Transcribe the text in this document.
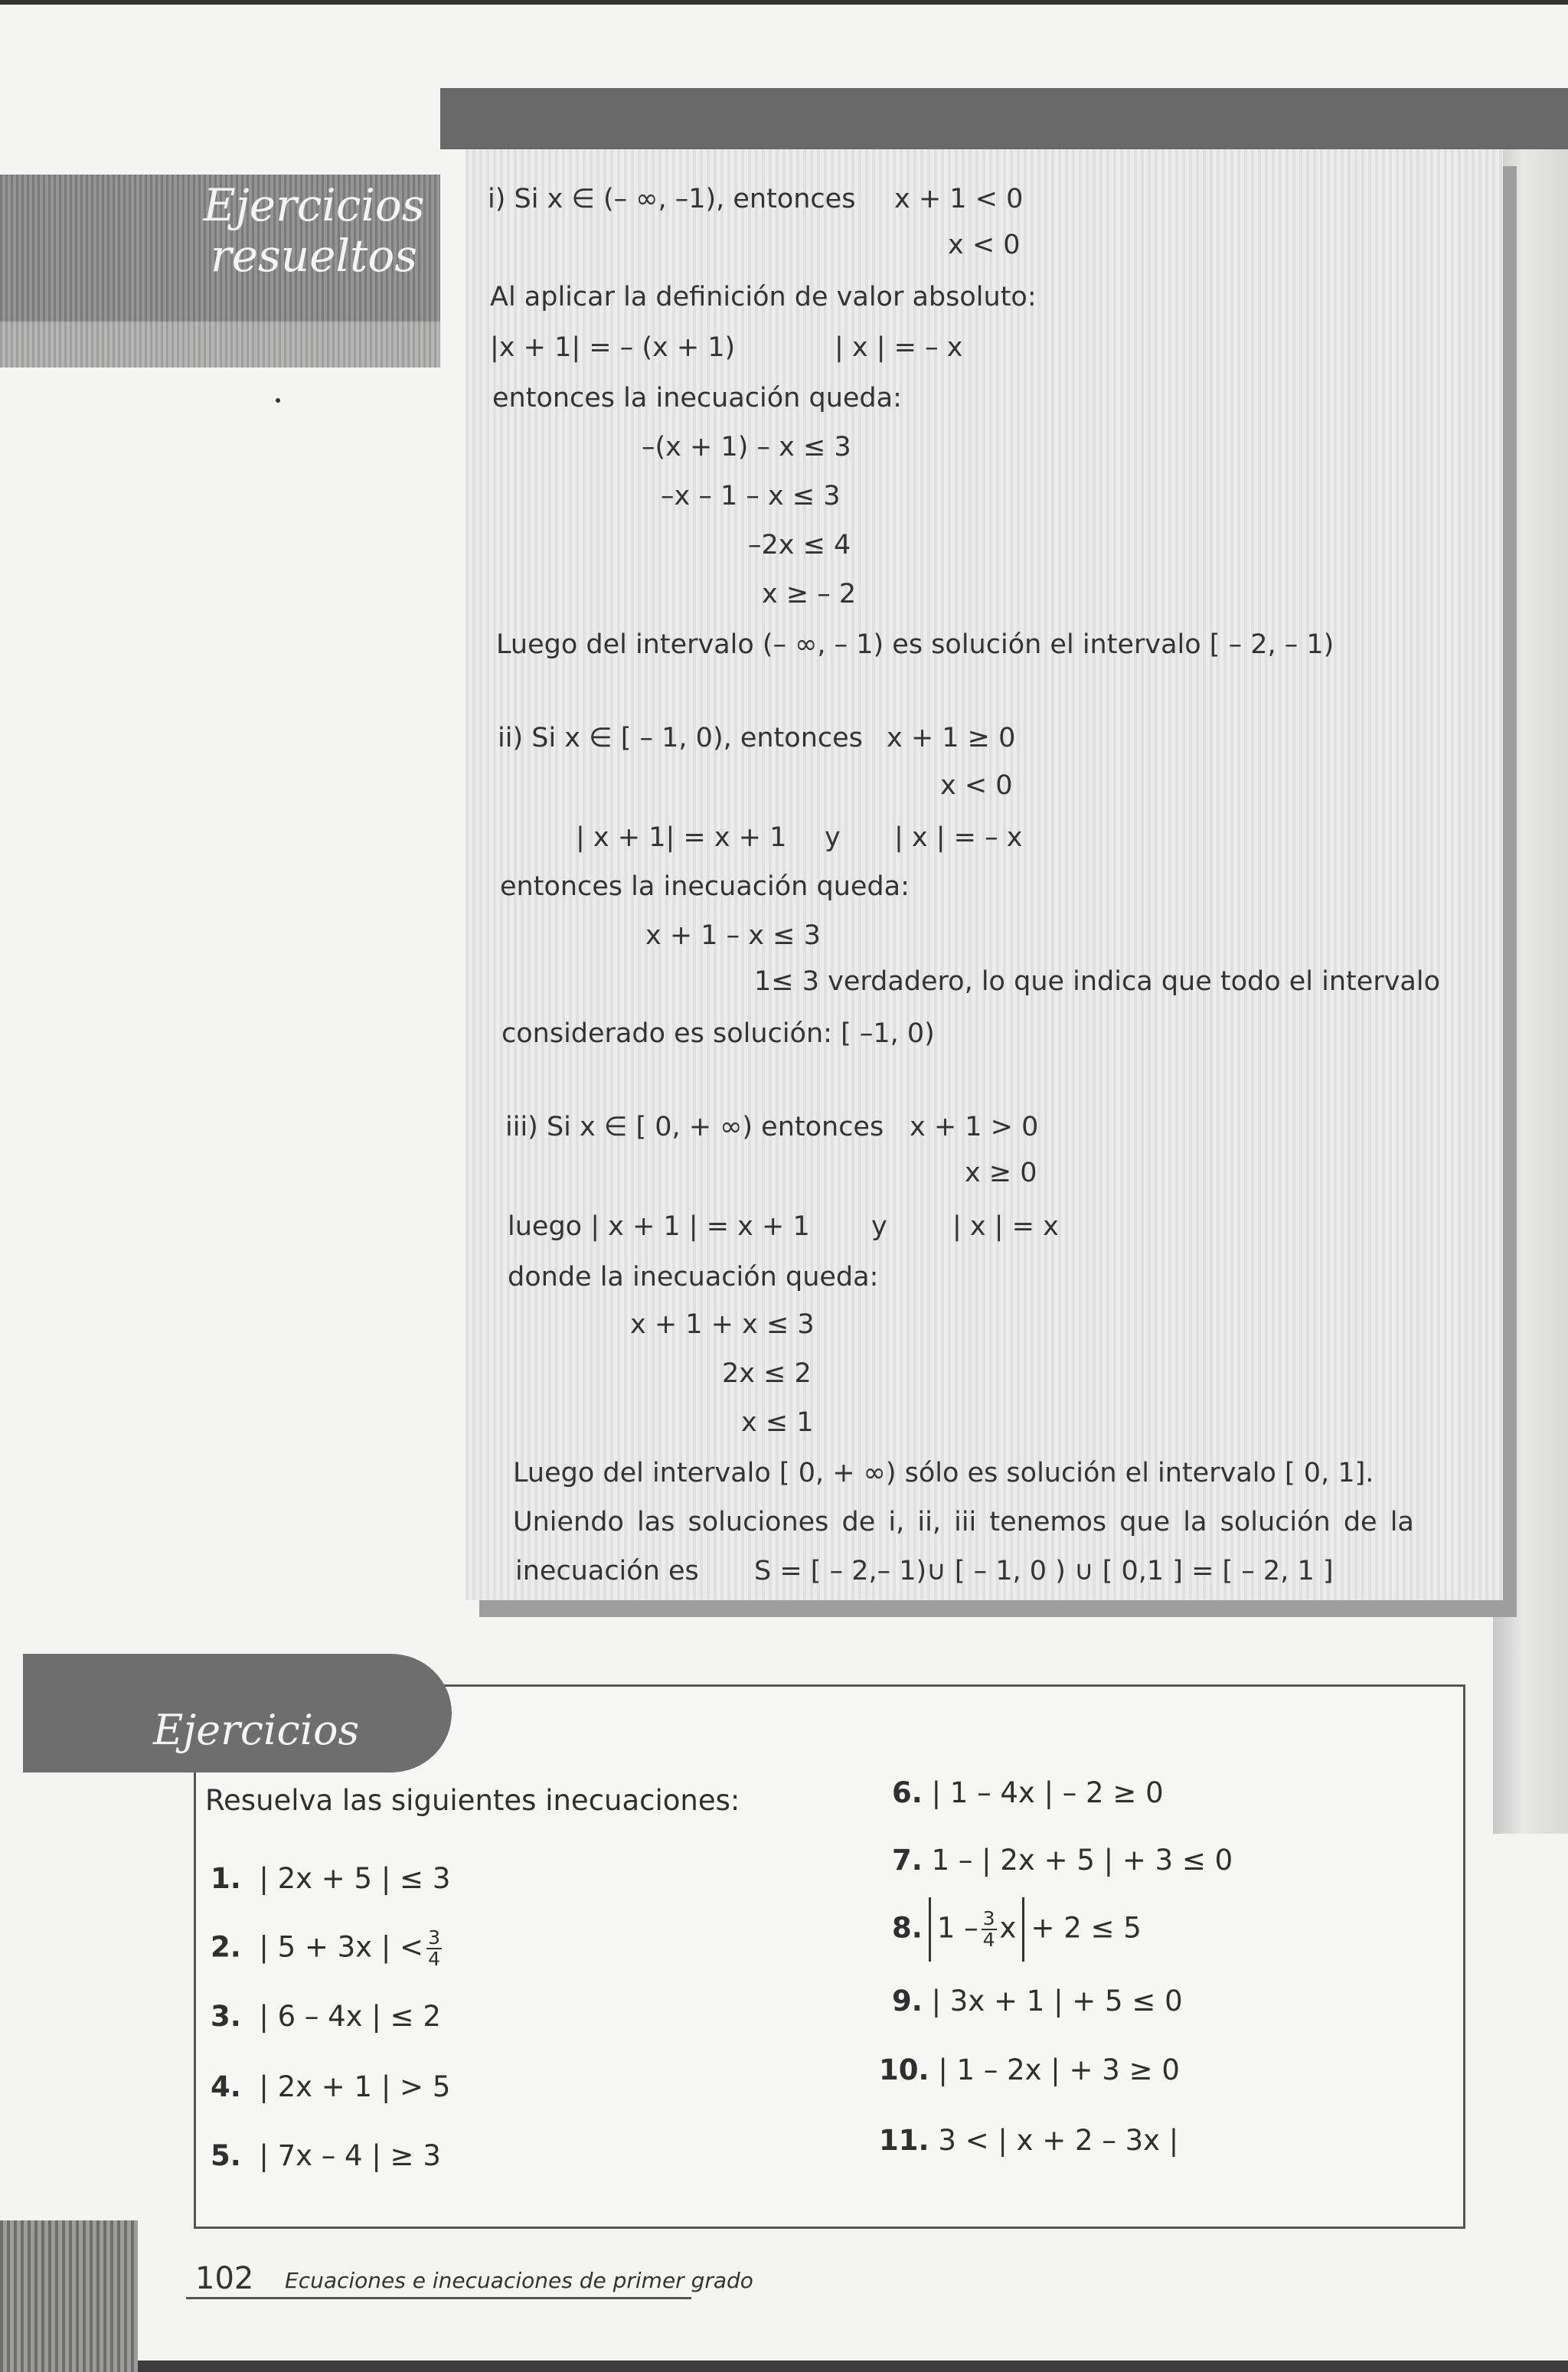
Ejercicios
resueltos
i) Si x ∈ (– ∞, –1), entonces x + 1 < 0
x < 0
Al aplicar la definición de valor absoluto:
|x + 1| = – (x + 1)	| x | = – x
entonces la inecuación queda:
–(x + 1) – x ≤ 3
–x – 1 – x ≤ 3
–2x ≤ 4
x ≥ – 2
Luego del intervalo (– ∞, – 1) es solución el intervalo [ – 2, – 1)
ii) Si x ∈ [ – 1, 0), entonces x + 1 ≥ 0
x < 0
| x + 1| = x + 1 y | x | = – x
entonces la inecuación queda:
x + 1 – x ≤ 3
1≤ 3 verdadero, lo que indica que todo el intervalo
considerado es solución: [ –1, 0)
iii) Si x ∈ [ 0, + ∞) entonces x + 1 > 0
x ≥ 0
luego | x + 1 | = x + 1 y | x | = x
donde la inecuación queda:
x + 1 + x ≤ 3
2x ≤ 2
x ≤ 1
Luego del intervalo [ 0, + ∞) sólo es solución el intervalo [ 0, 1].
Uniendo las soluciones de i, ii, iii tenemos que la solución de la
inecuación es S = [ – 2,– 1)∪ [ – 1, 0 ) ∪ [ 0,1 ] = [ – 2, 1 ]
Ejercicios
Resuelva las siguientes inecuaciones:
1. | 2x + 5 | ≤ 3
2. | 5 + 3x | < $\frac{3}{4}$
3. | 6 – 4x | ≤ 2
4. | 2x + 1 | > 5
5. | 7x – 4 | ≥ 3
6. | 1 – 4x | – 2 ≥ 0
7. 1 – | 2x + 5 | + 3 ≤ 0
8. $1 - \frac{3}{4}$ x + 2 ≤ 5
9. | 3x + 1 | + 5 ≤ 0
10. | 1 – 2x | + 3 ≥ 0
11. 3 < | x + 2 – 3x |
102 Ecuaciones e inecuaciones de primer grado
